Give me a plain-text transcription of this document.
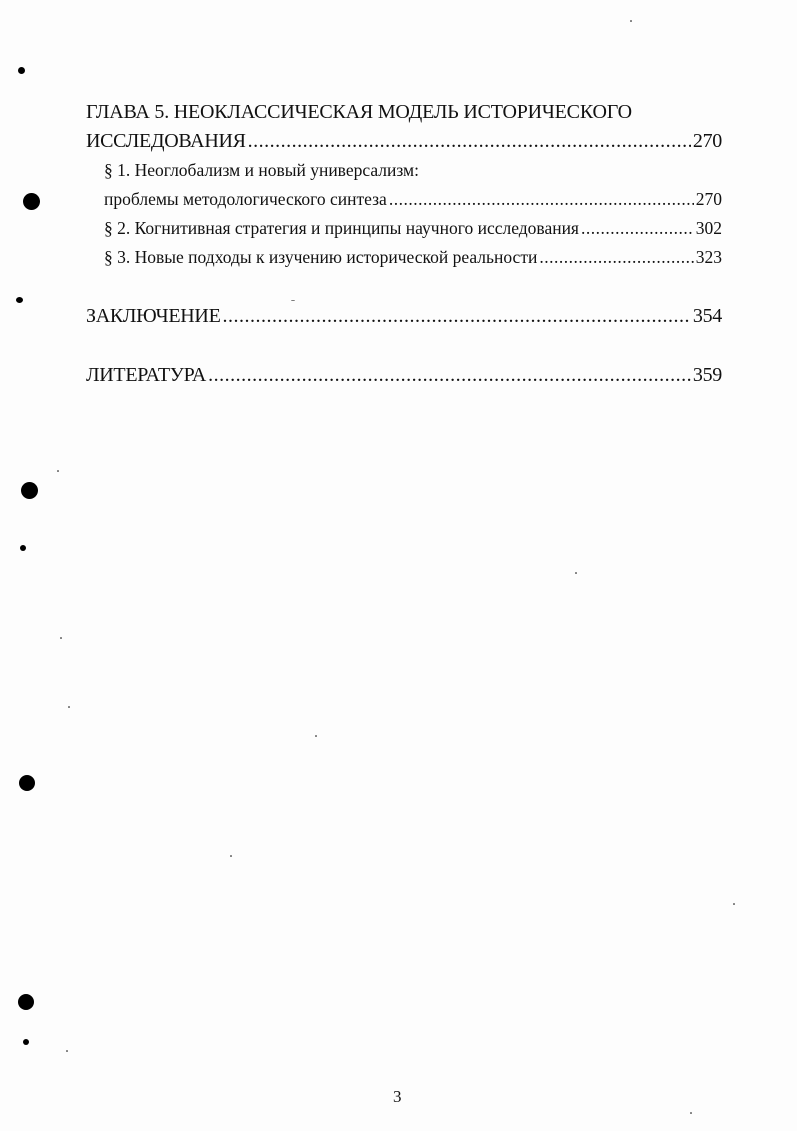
ГЛАВА 5. НЕОКЛАССИЧЕСКАЯ МОДЕЛЬ ИСТОРИЧЕСКОГО
ИССЛЕДОВАНИЯ .....	270
§ 1. Неоглобализм и новый универсализм:
проблемы методологического синтеза .....	270
§ 2. Когнитивная стратегия и принципы научного исследования .....	302
§ 3. Новые подходы к изучению исторической реальности .....	323
ЗАКЛЮЧЕНИЕ .....	354
ЛИТЕРАТУРА .....	359
3
